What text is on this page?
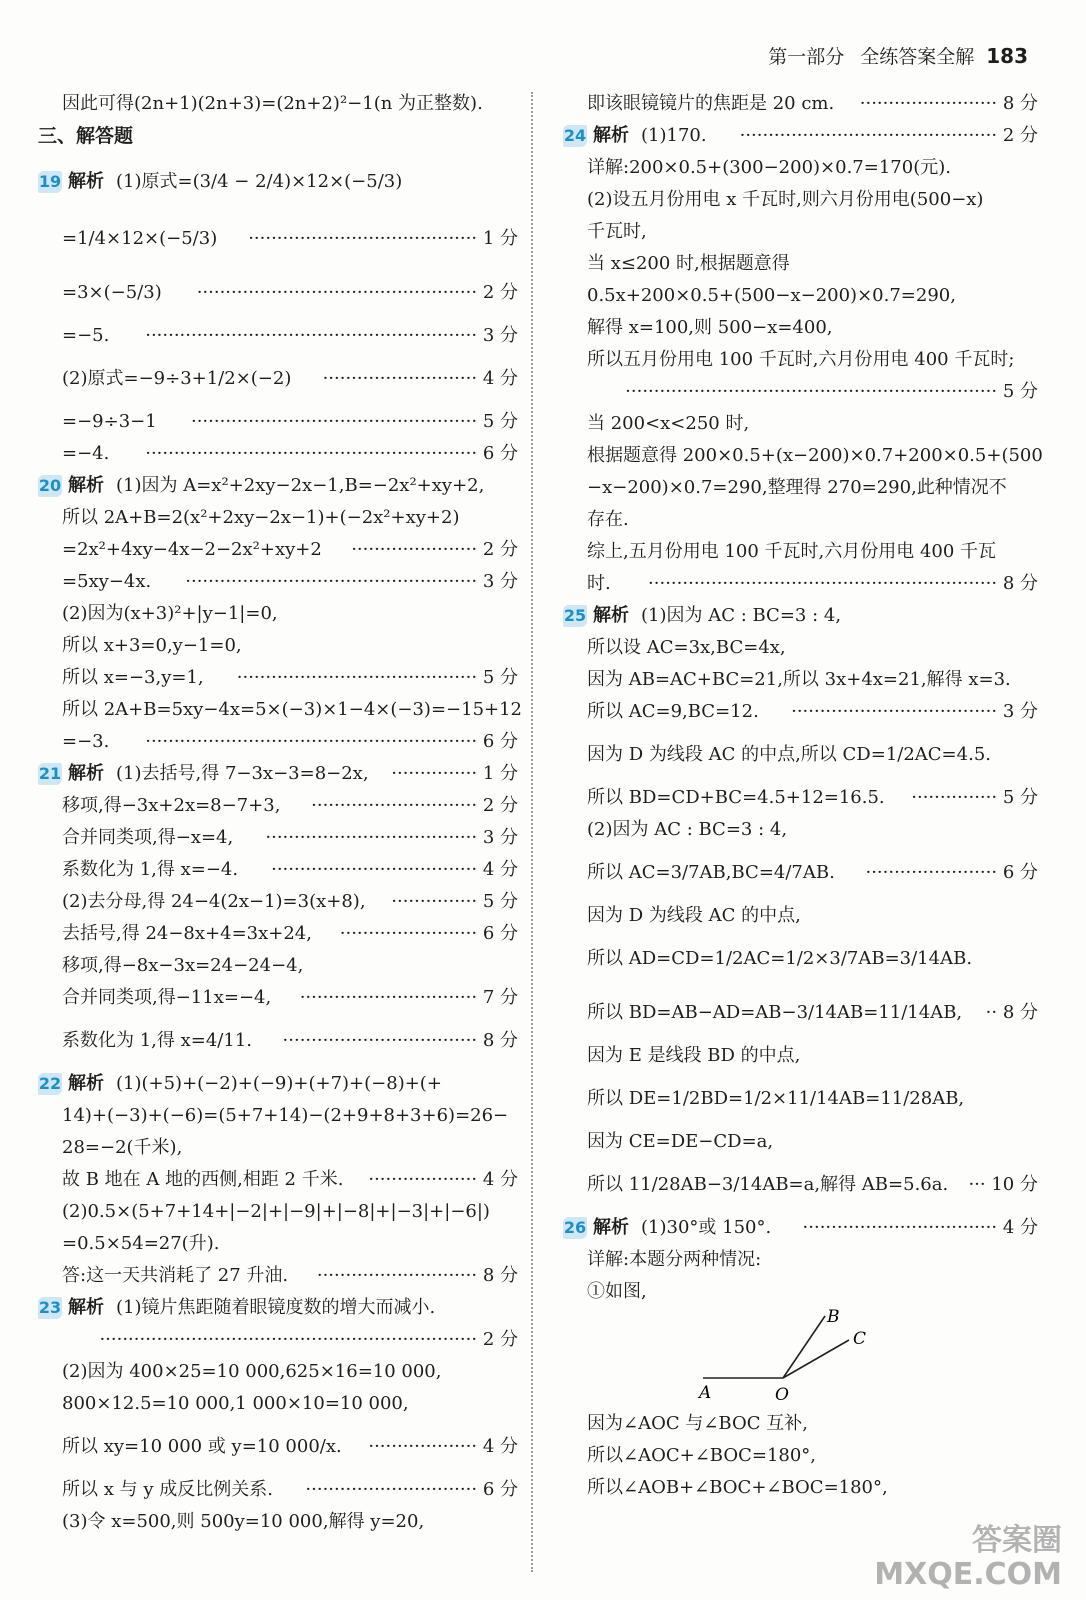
第一部分 全练答案全解 183
因此可得(2n+1)(2n+3)=(2n+2)²−1(n 为正整数).
三、解答题
19 解析 (1)原式=(3/4 − 2/4)×12×(−5/3)
=1/4×12×(−5/3) ········································ 1 分
=3×(−5/3) ················································· 2 分
=−5. ·························································· 3 分
(2)原式=−9÷3+1/2×(−2) ··························· 4 分
=−9÷3−1 ·················································· 5 分
=−4. ·························································· 6 分
20 解析 (1)因为 A=x²+2xy−2x−1,B=−2x²+xy+2,
所以 2A+B=2(x²+2xy−2x−1)+(−2x²+xy+2)
=2x²+4xy−4x−2−2x²+xy+2 ······················ 2 分
=5xy−4x. ··················································· 3 分
(2)因为(x+3)²+|y−1|=0,
所以 x+3=0,y−1=0,
所以 x=−3,y=1, ·········································· 5 分
所以 2A+B=5xy−4x=5×(−3)×1−4×(−3)=−15+12
=−3. ·························································· 6 分
21 解析 (1)去括号,得 7−3x−3=8−2x, ··············· 1 分
移项,得−3x+2x=8−7+3, ····························· 2 分
合并同类项,得−x=4, ····································· 3 分
系数化为 1,得 x=−4. ···································· 4 分
(2)去分母,得 24−4(2x−1)=3(x+8), ··············· 5 分
去括号,得 24−8x+4=3x+24, ························ 6 分
移项,得−8x−3x=24−24−4,
合并同类项,得−11x=−4, ······························· 7 分
系数化为 1,得 x=4/11. ·································· 8 分
22 解析 (1)(+5)+(−2)+(−9)+(+7)+(−8)+(+
14)+(−3)+(−6)=(5+7+14)−(2+9+8+3+6)=26−
28=−2(千米),
故 B 地在 A 地的西侧,相距 2 千米. ··················· 4 分
(2)0.5×(5+7+14+|−2|+|−9|+|−8|+|−3|+|−6|)
=0.5×54=27(升).
答:这一天共消耗了 27 升油. ···························· 8 分
23 解析 (1)镜片焦距随着眼镜度数的增大而减小.
·································································· 2 分
(2)因为 400×25=10 000,625×16=10 000,
800×12.5=10 000,1 000×10=10 000,
所以 xy=10 000 或 y=10 000/x. ··················· 4 分
所以 x 与 y 成反比例关系. ······························ 6 分
(3)令 x=500,则 500y=10 000,解得 y=20,
即该眼镜镜片的焦距是 20 cm. ························ 8 分
24 解析 (1)170. ············································· 2 分
详解:200×0.5+(300−200)×0.7=170(元).
(2)设五月份用电 x 千瓦时,则六月份用电(500−x)
千瓦时,
当 x≤200 时,根据题意得
0.5x+200×0.5+(500−x−200)×0.7=290,
解得 x=100,则 500−x=400,
所以五月份用电 100 千瓦时,六月份用电 400 千瓦时;
································································· 5 分
当 200<x<250 时,
根据题意得 200×0.5+(x−200)×0.7+200×0.5+(500
−x−200)×0.7=290,整理得 270=290,此种情况不
存在.
综上,五月份用电 100 千瓦时,六月份用电 400 千瓦
时. ····························································· 8 分
25 解析 (1)因为 AC : BC=3 : 4,
所以设 AC=3x,BC=4x,
因为 AB=AC+BC=21,所以 3x+4x=21,解得 x=3.
所以 AC=9,BC=12. ···································· 3 分
因为 D 为线段 AC 的中点,所以 CD=1/2AC=4.5.
所以 BD=CD+BC=4.5+12=16.5. ··············· 5 分
(2)因为 AC : BC=3 : 4,
所以 AC=3/7AB,BC=4/7AB. ······················· 6 分
因为 D 为线段 AC 的中点,
所以 AD=CD=1/2AC=1/2×3/7AB=3/14AB.
所以 BD=AB−AD=AB−3/14AB=11/14AB, ·· 8 分
因为 E 是线段 BD 的中点,
所以 DE=1/2BD=1/2×11/14AB=11/28AB,
因为 CE=DE−CD=a,
所以 11/28AB−3/14AB=a,解得 AB=5.6a. ··· 10 分
26 解析 (1)30°或 150°. ·································· 4 分
详解:本题分两种情况:
①如图,
A	O
B
C
因为∠AOC 与∠BOC 互补,
所以∠AOC+∠BOC=180°,
所以∠AOB+∠BOC+∠BOC=180°,
答案圈
MXQE.COM
